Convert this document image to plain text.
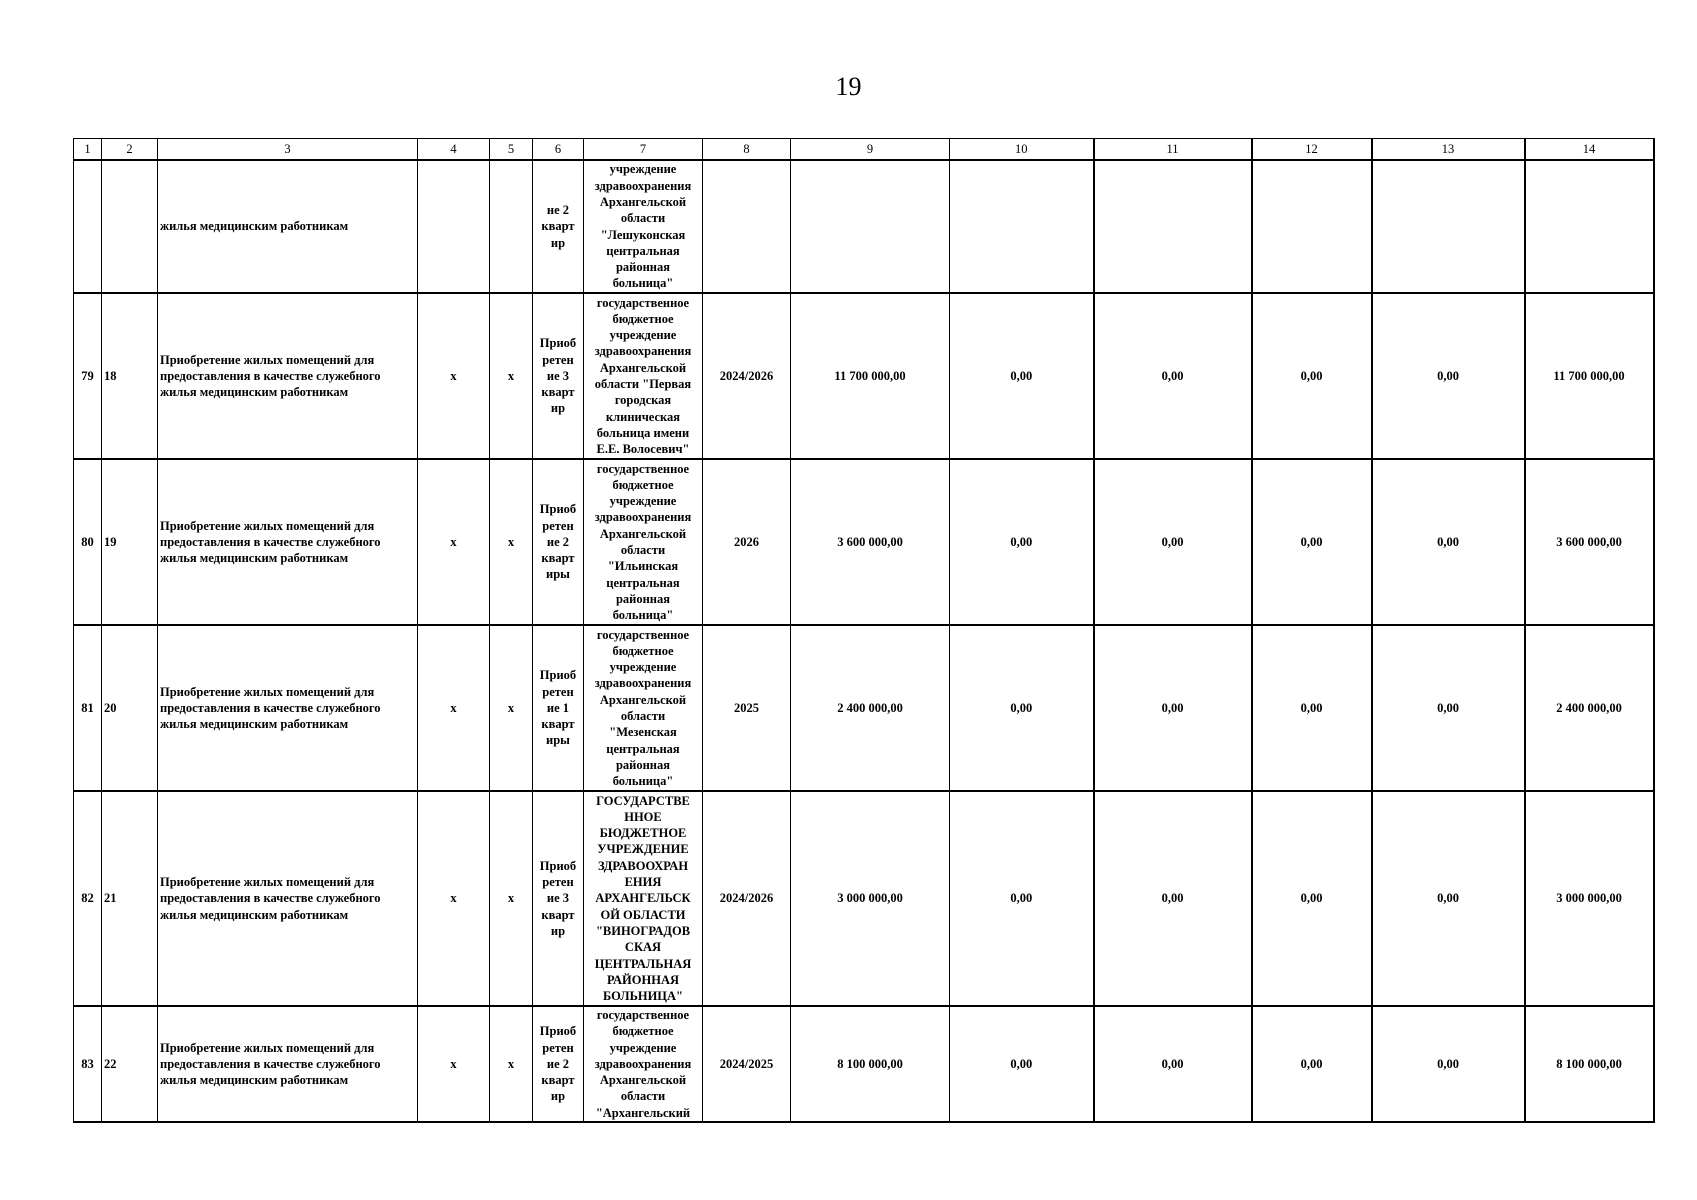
19
1	2	3	4	5	6	7	8	9	10	11	12	13	14
		жилья медицинским работникам			не 2 кварт ир	учреждение здравоохранения Архангельской области "Лешуконская центральная районная больница"							
79	18	Приобретение жилых помещений для предоставления в качестве служебного жилья медицинским работникам	х	х	Приоб ретен ие 3 кварт ир	государственное бюджетное учреждение здравоохранения Архангельской области "Первая городская клиническая больница имени Е.Е. Волосевич"	2024/2026	11 700 000,00	0,00	0,00	0,00	0,00	11 700 000,00
80	19	Приобретение жилых помещений для предоставления в качестве служебного жилья медицинским работникам	х	х	Приоб ретен ие 2 кварт иры	государственное бюджетное учреждение здравоохранения Архангельской области "Ильинская центральная районная больница"	2026	3 600 000,00	0,00	0,00	0,00	0,00	3 600 000,00
81	20	Приобретение жилых помещений для предоставления в качестве служебного жилья медицинским работникам	х	х	Приоб ретен ие 1 кварт иры	государственное бюджетное учреждение здравоохранения Архангельской области "Мезенская центральная районная больница"	2025	2 400 000,00	0,00	0,00	0,00	0,00	2 400 000,00
82	21	Приобретение жилых помещений для предоставления в качестве служебного жилья медицинским работникам	х	х	Приоб ретен ие 3 кварт ир	ГОСУДАРСТВЕ ННОЕ БЮДЖЕТНОЕ УЧРЕЖДЕНИЕ ЗДРАВООХРАН ЕНИЯ АРХАНГЕЛЬСК ОЙ ОБЛАСТИ "ВИНОГРАДОВ СКАЯ ЦЕНТРАЛЬНАЯ РАЙОННАЯ БОЛЬНИЦА"	2024/2026	3 000 000,00	0,00	0,00	0,00	0,00	3 000 000,00
83	22	Приобретение жилых помещений для предоставления в качестве служебного жилья медицинским работникам	х	х	Приоб ретен ие 2 кварт ир	государственное бюджетное учреждение здравоохранения Архангельской области "Архангельский	2024/2025	8 100 000,00	0,00	0,00	0,00	0,00	8 100 000,00
